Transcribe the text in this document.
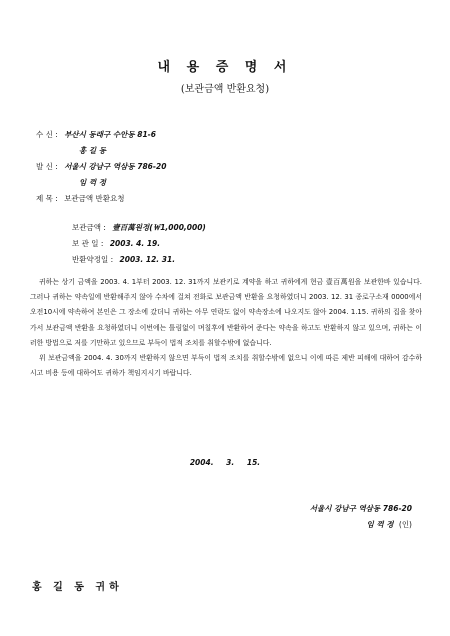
내 용 증 명 서
(보관금액 반환요청)
수 신 : 부산시 동래구 수안동 81-6
홍 길 동
발 신 : 서울시 강남구 역삼동 786-20
임 꺽 정
제 목 : 보관금액 반환요청
보관금액 : 壹百萬원정(￦1,000,000)
보 관 일 : 2003. 4. 19.
반환약정일 : 2003. 12. 31.

귀하는 상기 금액을 2003. 4. 1부터 2003. 12. 31까지 보관키로 계약을 하고 귀하에게 현금 壹百萬원을 보관한바 있습니다. 그러나 귀하는 약속일에 반환해주지 않아 수차에 걸쳐 전화로 보관금액 반환을 요청하였더니 2003. 12. 31 종로구소재 0000에서 오전10시에 약속하여 본인은 그 장소에 갔더니 귀하는 아무 연락도 없이 약속장소에 나오지도 않아 2004. 1.15. 귀하의 집을 찾아가서 보관금액 반환을 요청하였더니 이번에는 틀림없이 며칠후에 반환하여 준다는 약속을 하고도 반환하지 않고 있으며, 귀하는 이러한 방법으로 저를 기만하고 있으므로 부득이 법적 조치를 취할수밖에 없습니다.

위 보관금액을 2004. 4. 30까지 반환하지 않으면 부득이 법적 조치를 취할수밖에 없으니 이에 따른 제반 피해에 대하여 감수하시고 비용 등에 대하여도 귀하가 책임지시기 바랍니다.

2004. 3. 15.
서울시 강남구 역삼동 786-20
임 꺽 정 (인)
홍 길 동 귀하
